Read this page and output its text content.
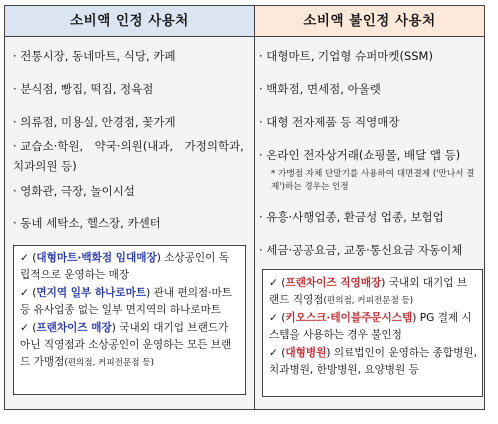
소비액 인정 사용처
· 전통시장, 동네마트, 식당, 카페
· 분식점, 빵집, 떡집, 정육점
· 의류점, 미용실, 안경점, 꽃가게
· 교습소·학원,　약국·의원(내과,　가정의학과, 치과의원 등)
· 영화관, 극장, 놀이시설
· 동네 세탁소, 헬스장, 카센터

✓ (대형마트·백화점 임대매장) 소상공인이 독립적으로 운영하는 매장

✓ (면지역 일부 하나로마트) 관내 편의점·마트 등 유사업종 없는 일부 면지역의 하나로마트

✓ (프랜차이즈 매장) 국내외 대기업 브랜드가 아닌 직영점과 소상공인이 운영하는 모든 브랜드 가맹점(편의점, 커피전문점 등)

소비액 불인정 사용처
· 대형마트, 기업형 슈퍼마켓(SSM)
· 백화점, 면세점, 아울렛
· 대형 전자제품 등 직영매장
· 온라인 전자상거래(쇼핑몰, 배달 앱 등)
· 유흥·사행업종, 환금성 업종, 보험업
· 세금·공공요금, 교통·통신요금 자동이체
* 가맹점 자체 단말기를 사용하여 대면결제 ('만나서 결제')하는 경우는 인정

✓ (프랜차이즈 직영매장) 국내외 대기업 브랜드 직영점(편의점, 커피전문점 등)

✓ (키오스크·테이블주문시스템) PG 결제 시스템을 사용하는 경우 불인정

✓ (대형병원) 의료법인이 운영하는 종합병원, 치과병원, 한방병원, 요양병원 등
